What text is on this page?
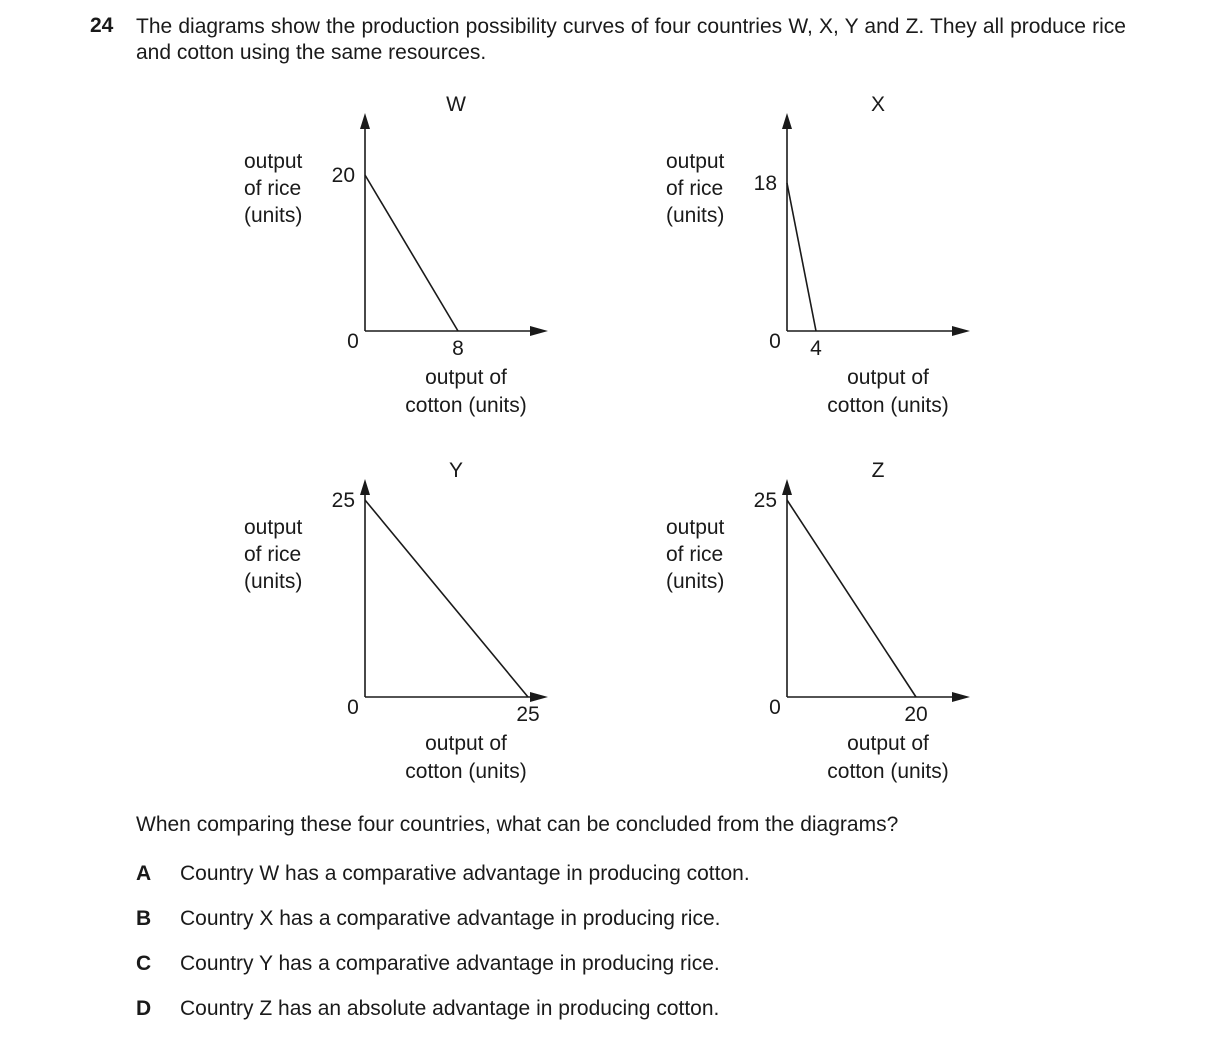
24 The diagrams show the production possibility curves of four countries W, X, Y and Z. They all produce rice and cotton using the same resources.
W
20
8
0
output
of rice
(units)
output of
cotton (units)
X
18
4
0
output
of rice
(units)
output of
cotton (units)
Y
25
25
0
output
of rice
(units)
output of
cotton (units)
Z
25
20
0
output
of rice
(units)
output of
cotton (units)
When comparing these four countries, what can be concluded from the diagrams?
A Country W has a comparative advantage in producing cotton.
B Country X has a comparative advantage in producing rice.
C Country Y has a comparative advantage in producing rice.
D Country Z has an absolute advantage in producing cotton.
